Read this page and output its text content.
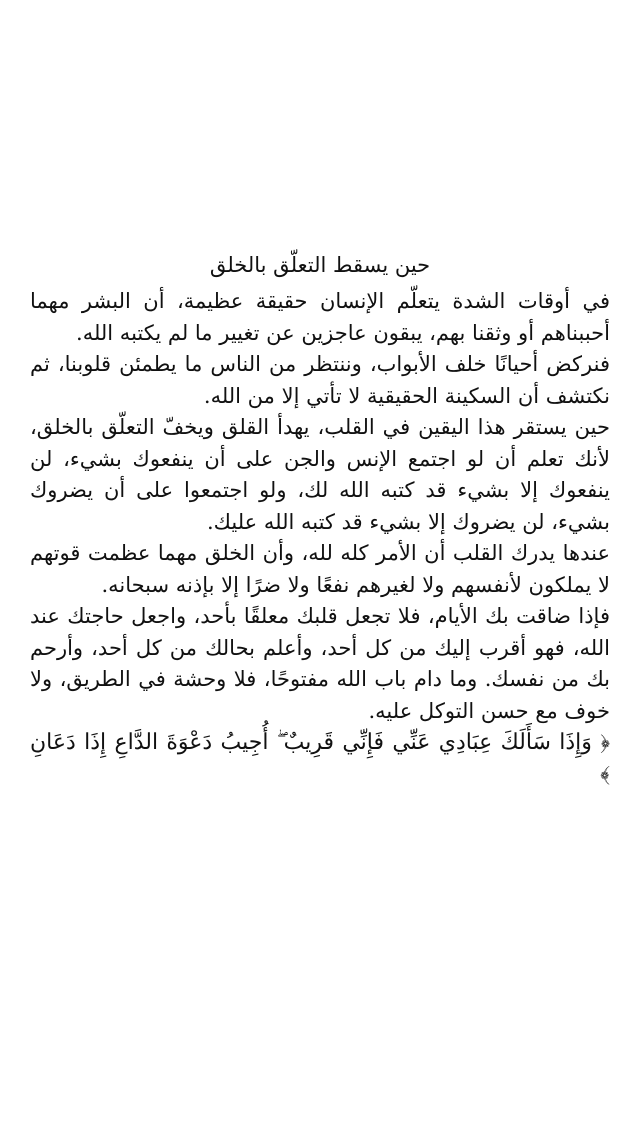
حين يسقط التعلّق بالخلق

في أوقات الشدة يتعلّم الإنسان حقيقة عظيمة، أن البشر مهما أحببناهم أو وثقنا بهم، يبقون عاجزين عن تغيير ما لم يكتبه الله.

فنركض أحيانًا خلف الأبواب، وننتظر من الناس ما يطمئن قلوبنا، ثم نكتشف أن السكينة الحقيقية لا تأتي إلا من الله.

حين يستقر هذا اليقين في القلب، يهدأ القلق ويخفّ التعلّق بالخلق، لأنك تعلم أن لو اجتمع الإنس والجن على أن ينفعوك بشيء، لن ينفعوك إلا بشيء قد كتبه الله لك، ولو اجتمعوا على أن يضروك بشيء، لن يضروك إلا بشيء قد كتبه الله عليك.

عندها يدرك القلب أن الأمر كله لله، وأن الخلق مهما عظمت قوتهم لا يملكون لأنفسهم ولا لغيرهم نفعًا ولا ضرًا إلا بإذنه سبحانه.

فإذا ضاقت بك الأيام، فلا تجعل قلبك معلقًا بأحد، واجعل حاجتك عند الله، فهو أقرب إليك من كل أحد، وأعلم بحالك من كل أحد، وأرحم بك من نفسك. وما دام باب الله مفتوحًا، فلا وحشة في الطريق، ولا خوف مع حسن التوكل عليه.

﴿ وَإِذَا سَأَلَكَ عِبَادِي عَنِّي فَإِنِّي قَرِيبٌ ۖ أُجِيبُ دَعْوَةَ الدَّاعِ إِذَا دَعَانِ ﴾
